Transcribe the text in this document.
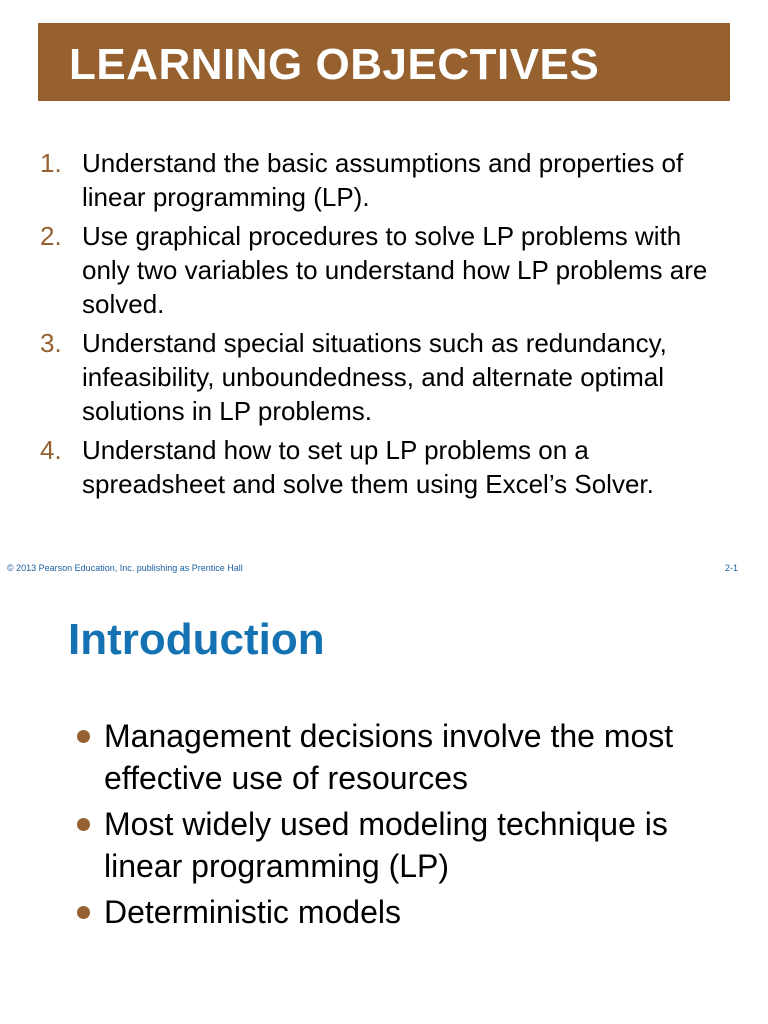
LEARNING OBJECTIVES
1. Understand the basic assumptions and properties of linear programming (LP).
2. Use graphical procedures to solve LP problems with only two variables to understand how LP problems are solved.
3. Understand special situations such as redundancy, infeasibility, unboundedness, and alternate optimal solutions in LP problems.
4. Understand how to set up LP problems on a spreadsheet and solve them using Excel’s Solver.
© 2013 Pearson Education, Inc. publishing as Prentice Hall	2-1
Introduction
Management decisions involve the most effective use of resources
Most widely used modeling technique is linear programming (LP)
Deterministic models
